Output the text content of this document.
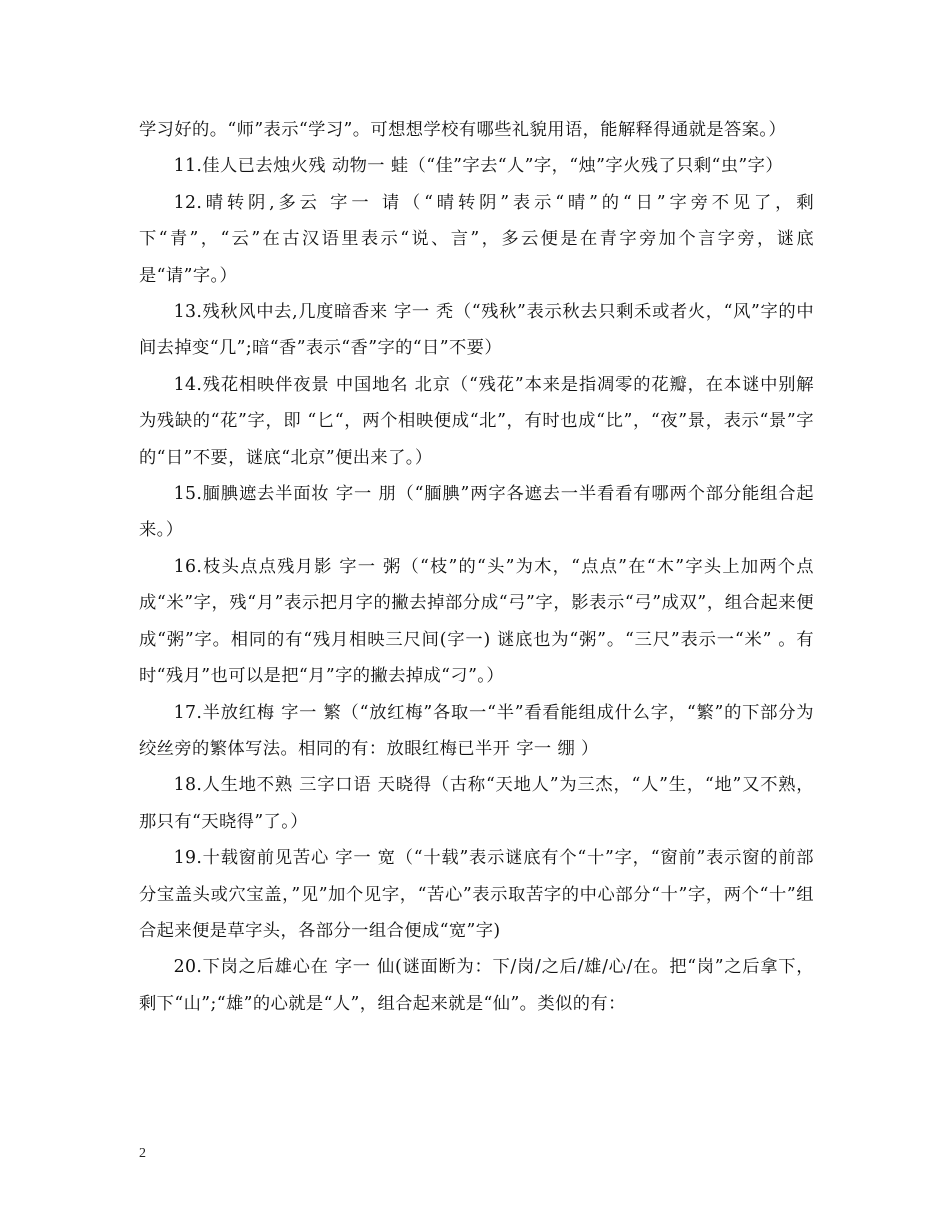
学习好的。“师”表示“学习”。可想想学校有哪些礼貌用语，能解释得通就是答案。）

11.佳人已去烛火残 动物一 蛙（“佳”字去“人”字，“烛”字火残了只剩“虫”字）

12.晴转阴,多云 字一 请（“晴转阴”表示“晴”的“日”字旁不见了，剩下“青”，“云”在古汉语里表示“说、言”，多云便是在青字旁加个言字旁，谜底是“请”字。）

13.残秋风中去,几度暗香来 字一 秃（“残秋”表示秋去只剩禾或者火，“风”字的中间去掉变“几”;暗“香”表示“香”字的“日”不要）

14.残花相映伴夜景 中国地名 北京（“残花”本来是指凋零的花瓣，在本谜中别解为残缺的“花”字，即 “匕“，两个相映便成“北”，有时也成“比”，“夜”景，表示“景”字的“日”不要，谜底“北京”便出来了。）

15.腼腆遮去半面妆 字一 朋（“腼腆”两字各遮去一半看看有哪两个部分能组合起来。）

16.枝头点点残月影 字一 粥（“枝”的“头”为木，“点点”在“木”字头上加两个点成“米”字，残“月”表示把月字的撇去掉部分成“弓”字，影表示“弓”成双”，组合起来便成“粥”字。相同的有“残月相映三尺间(字一) 谜底也为“粥”。“三尺”表示一“米” 。有时“残月”也可以是把“月”字的撇去掉成“刁”。）

17.半放红梅 字一 繁（“放红梅”各取一“半”看看能组成什么字，“繁”的下部分为绞丝旁的繁体写法。相同的有：放眼红梅已半开 字一 绷 ）

18.人生地不熟 三字口语 天晓得（古称“天地人”为三杰，“人”生，“地”又不熟，那只有“天晓得”了。）

19.十载窗前见苦心 字一 宽（“十载”表示谜底有个“十”字，“窗前”表示窗的前部分宝盖头或穴宝盖，”见”加个见字，“苦心”表示取苦字的中心部分“十”字，两个“十”组合起来便是草字头，各部分一组合便成“宽”字)

20.下岗之后雄心在 字一 仙(谜面断为：下/岗/之后/雄/心/在。把“岗”之后拿下，剩下“山”;“雄”的心就是“人”，组合起来就是“仙”。类似的有：

2
